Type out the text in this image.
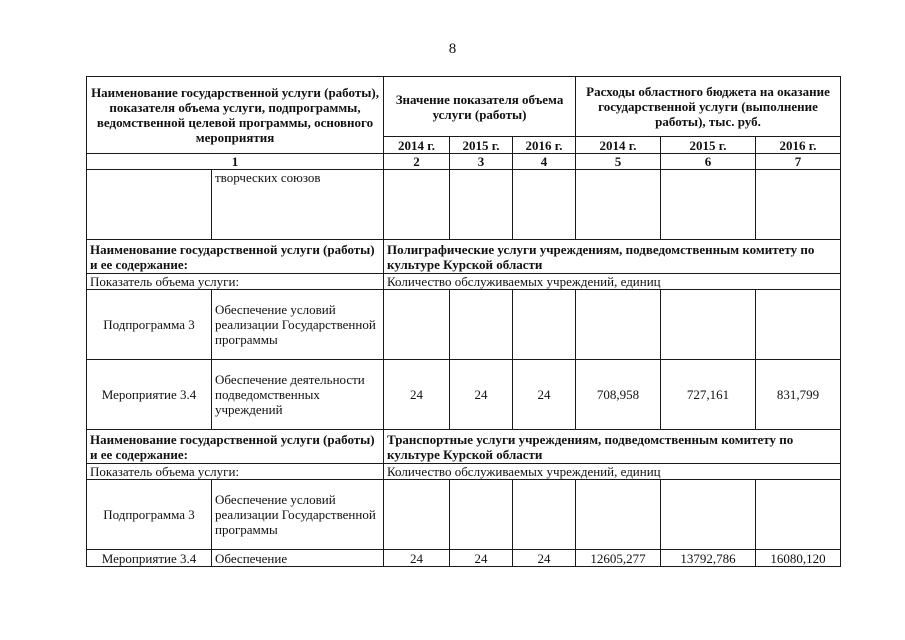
8
Наименование государственной услуги (работы), показателя объема услуги, подпрограммы, ведомственной целевой программы, основного мероприятия		Значение показателя объема услуги (работы)			Расходы областного бюджета на оказание государственной услуги (выполнение работы), тыс. руб.		
		2014 г.	2015 г.	2016 г.	2014 г.	2015 г.	2016 г.
1		2	3	4	5	6	7
	творческих союзов						
Наименование государственной услуги (работы) и ее содержание:		Полиграфические услуги учреждениям, подведомственным комитету по культуре Курской области					
Показатель объема услуги:		Количество обслуживаемых учреждений, единиц					
Подпрограмма 3	Обеспечение условий реализации Государственной программы						
Мероприятие 3.4	Обеспечение деятельности подведомственных учреждений	24	24	24	708,958	727,161	831,799
Наименование государственной услуги (работы) и ее содержание:		Транспортные услуги учреждениям, подведомственным комитету по культуре Курской области					
Показатель объема услуги:		Количество обслуживаемых учреждений, единиц					
Подпрограмма 3	Обеспечение условий реализации Государственной программы						
Мероприятие 3.4	Обеспечение	24	24	24	12605,277	13792,786	16080,120
